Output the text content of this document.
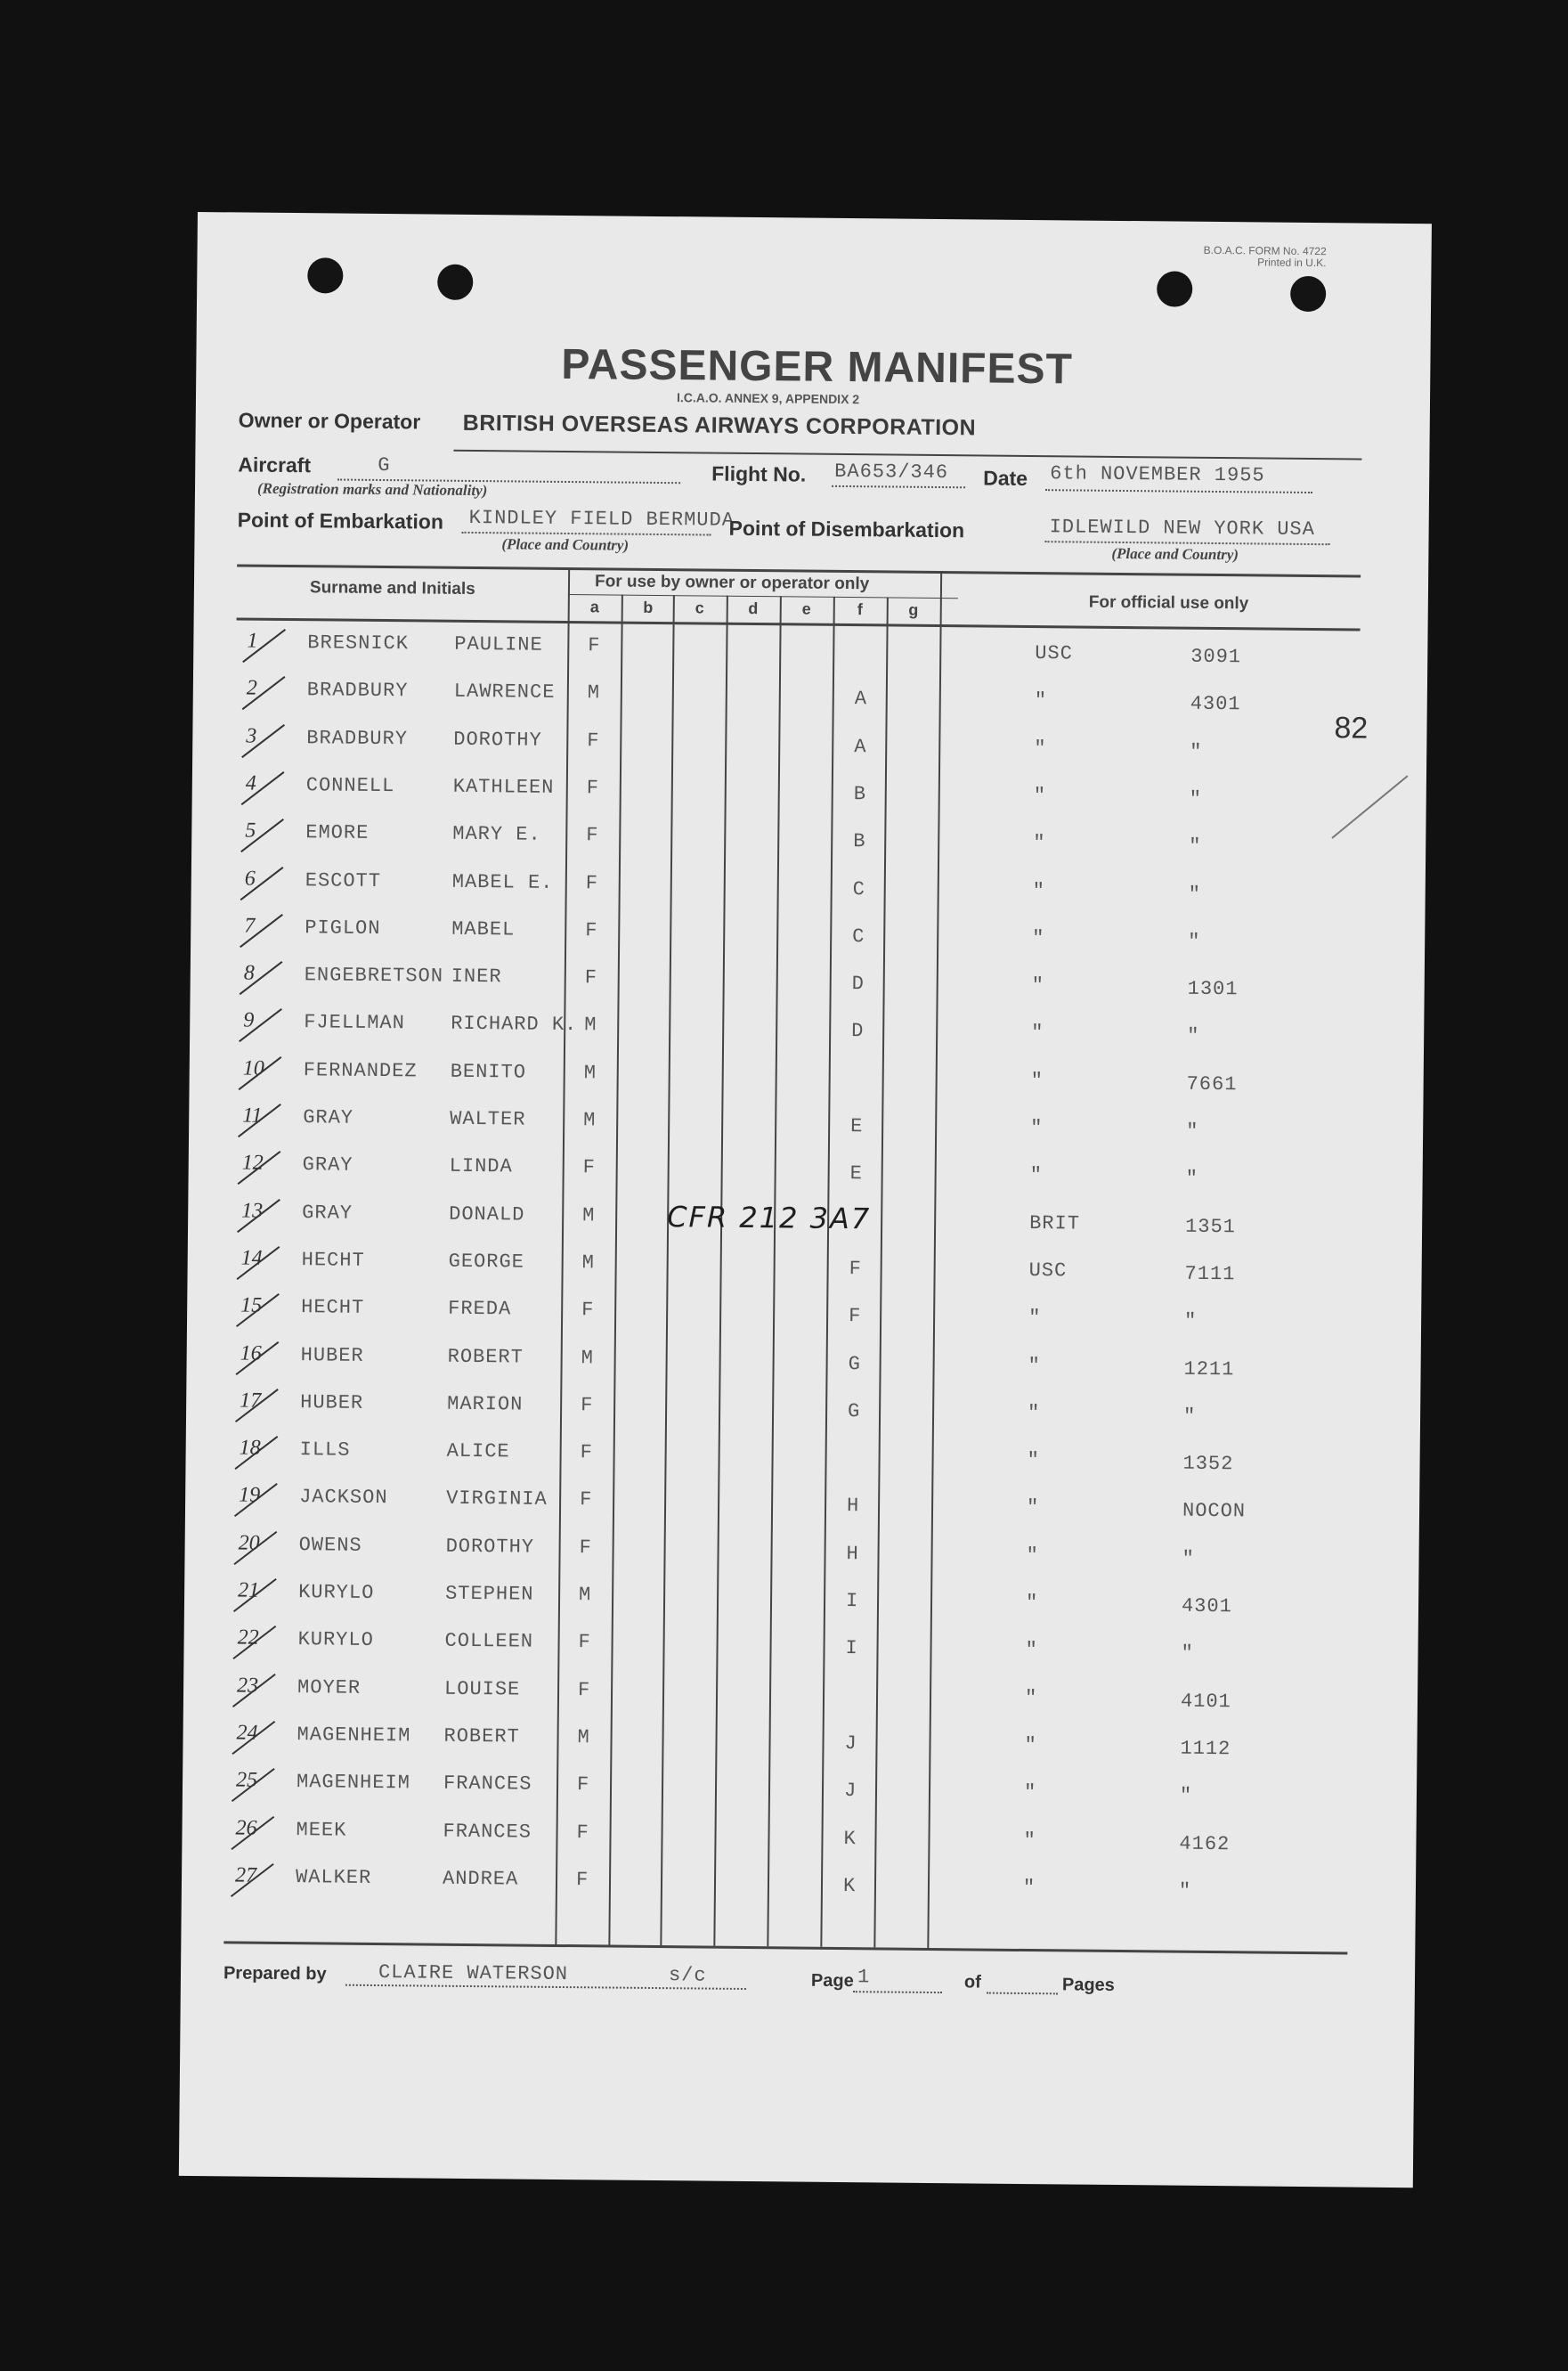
B.O.A.C. FORM No. 4722
Printed in U.K.
PASSENGER MANIFEST
I.C.A.O. ANNEX 9, APPENDIX 2
Owner or Operator BRITISH OVERSEAS AIRWAYS CORPORATION
Aircraft	G
(Registration marks and Nationality)
Flight No. BA653/346 Date 6th NOVEMBER 1955
Point of Embarkation KINDLEY FIELD BERMUDA
(Place and Country)
Point of Disembarkation	IDLEWILD NEW YORK USA
(Place and Country)
82
Surname and Initials	For use by owner or operator only
For official use only
a	b	c	d	e	f	g
1	BRESNICK PAULINE F	USC	3091
2	BRADBURY LAWRENCE M	A	"	4301
3	BRADBURY DOROTHY F	A	"	"
4	CONNELL	KATHLEEN F	B	"	"
5	EMORE	MARY E. F	B	"	"
6	ESCOTT	MABEL E. F	C	"	"
7	PIGLON	MABEL	F	C	"	"
8	ENGEBRETSON INER	F	D	"	1301
9	FJELLMAN RICHARD K. M	D	"	"
10 FERNANDEZ BENITO	M	"	7661
11 GRAY	WALTER	M	E	"	"
12 GRAY	LINDA	F	E	"	"
13 GRAY	DONALD	M	BRIT	1351
CFR 212 3A7
14 HECHT	GEORGE	M	F	USC	7111
15 HECHT	FREDA	F	F	"	"
16 HUBER	ROBERT	M	G	"	1211
17 HUBER	MARION	F	G	"	"
18 ILLS	ALICE	F	"	1352
19 JACKSON	VIRGINIA F	H	"	NOCON
20 OWENS	DOROTHY F	H	"	"
21 KURYLO	STEPHEN M	I	"	4301
22 KURYLO	COLLEEN F	I	"	"
23 MOYER	LOUISE	F	"	4101
24 MAGENHEIM ROBERT	M	J	"	1112
25 MAGENHEIM FRANCES F	J	"	"
26 MEEK	FRANCES F	K	"	4162
27 WALKER	ANDREA	F	K	"	"
Prepared by	CLAIRE WATERSON	s/c	Page 1	of	Pages
